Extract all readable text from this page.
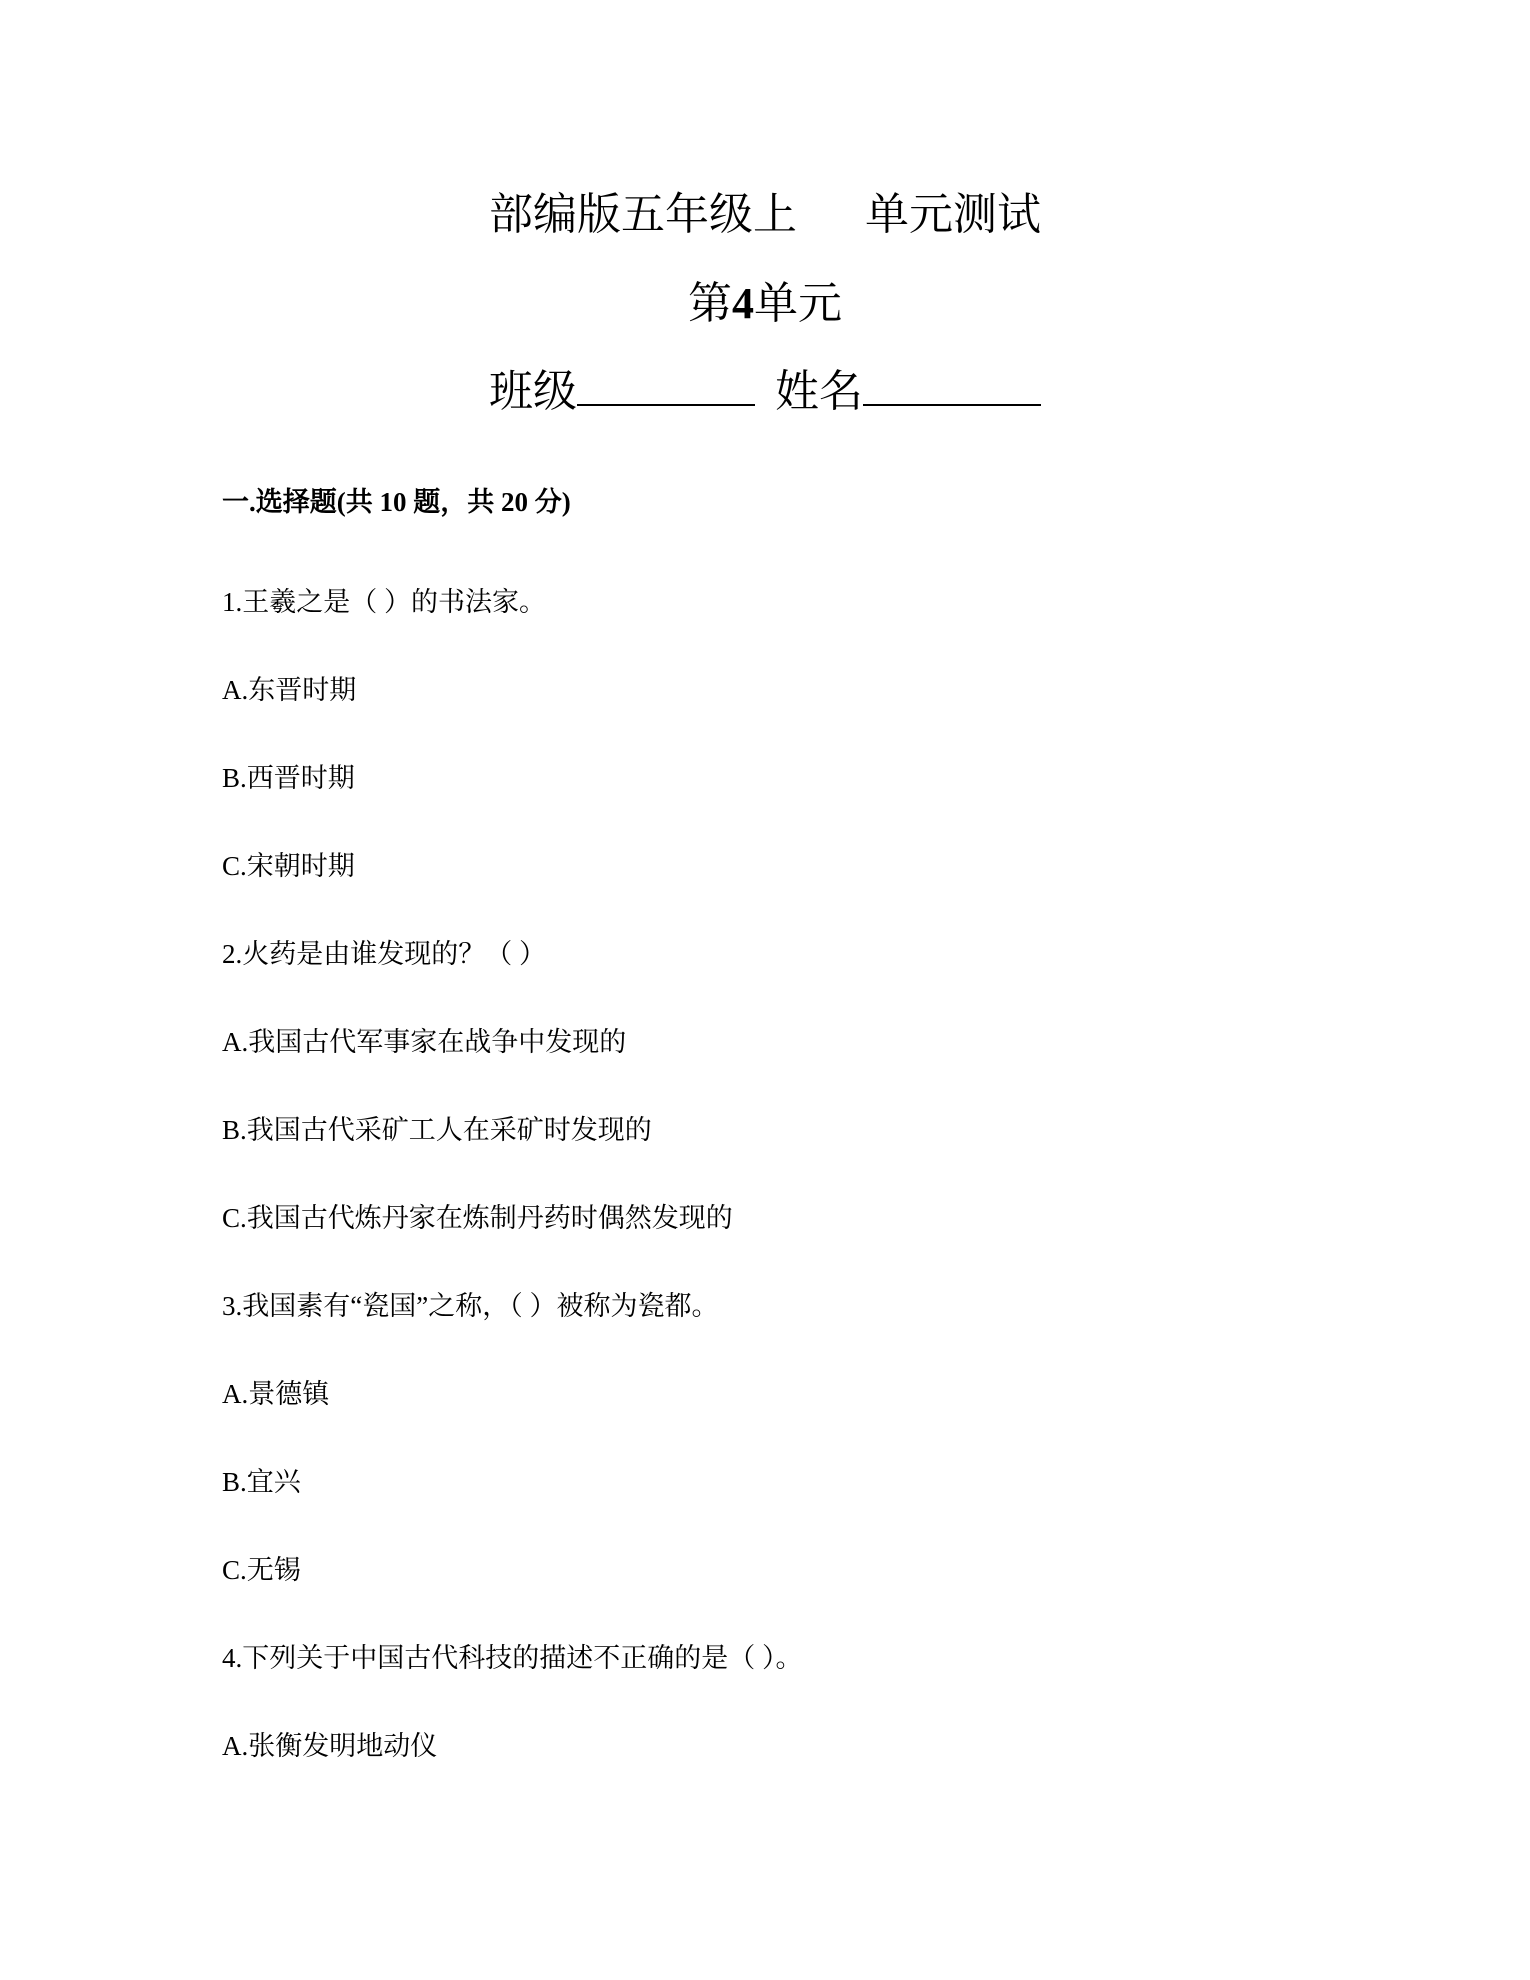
部编版五年级上 单元测试
第4单元
班级	姓名
一.选择题(共 10 题，共 20 分)
1.王羲之是（ ）的书法家。
A.东晋时期
B.西晋时期
C.宋朝时期
2.火药是由谁发现的？（ ）
A.我国古代军事家在战争中发现的
B.我国古代采矿工人在采矿时发现的
C.我国古代炼丹家在炼制丹药时偶然发现的
3.我国素有“瓷国”之称，（ ）被称为瓷都。
A.景德镇
B.宜兴
C.无锡
4.下列关于中国古代科技的描述不正确的是（ ）。
A.张衡发明地动仪
